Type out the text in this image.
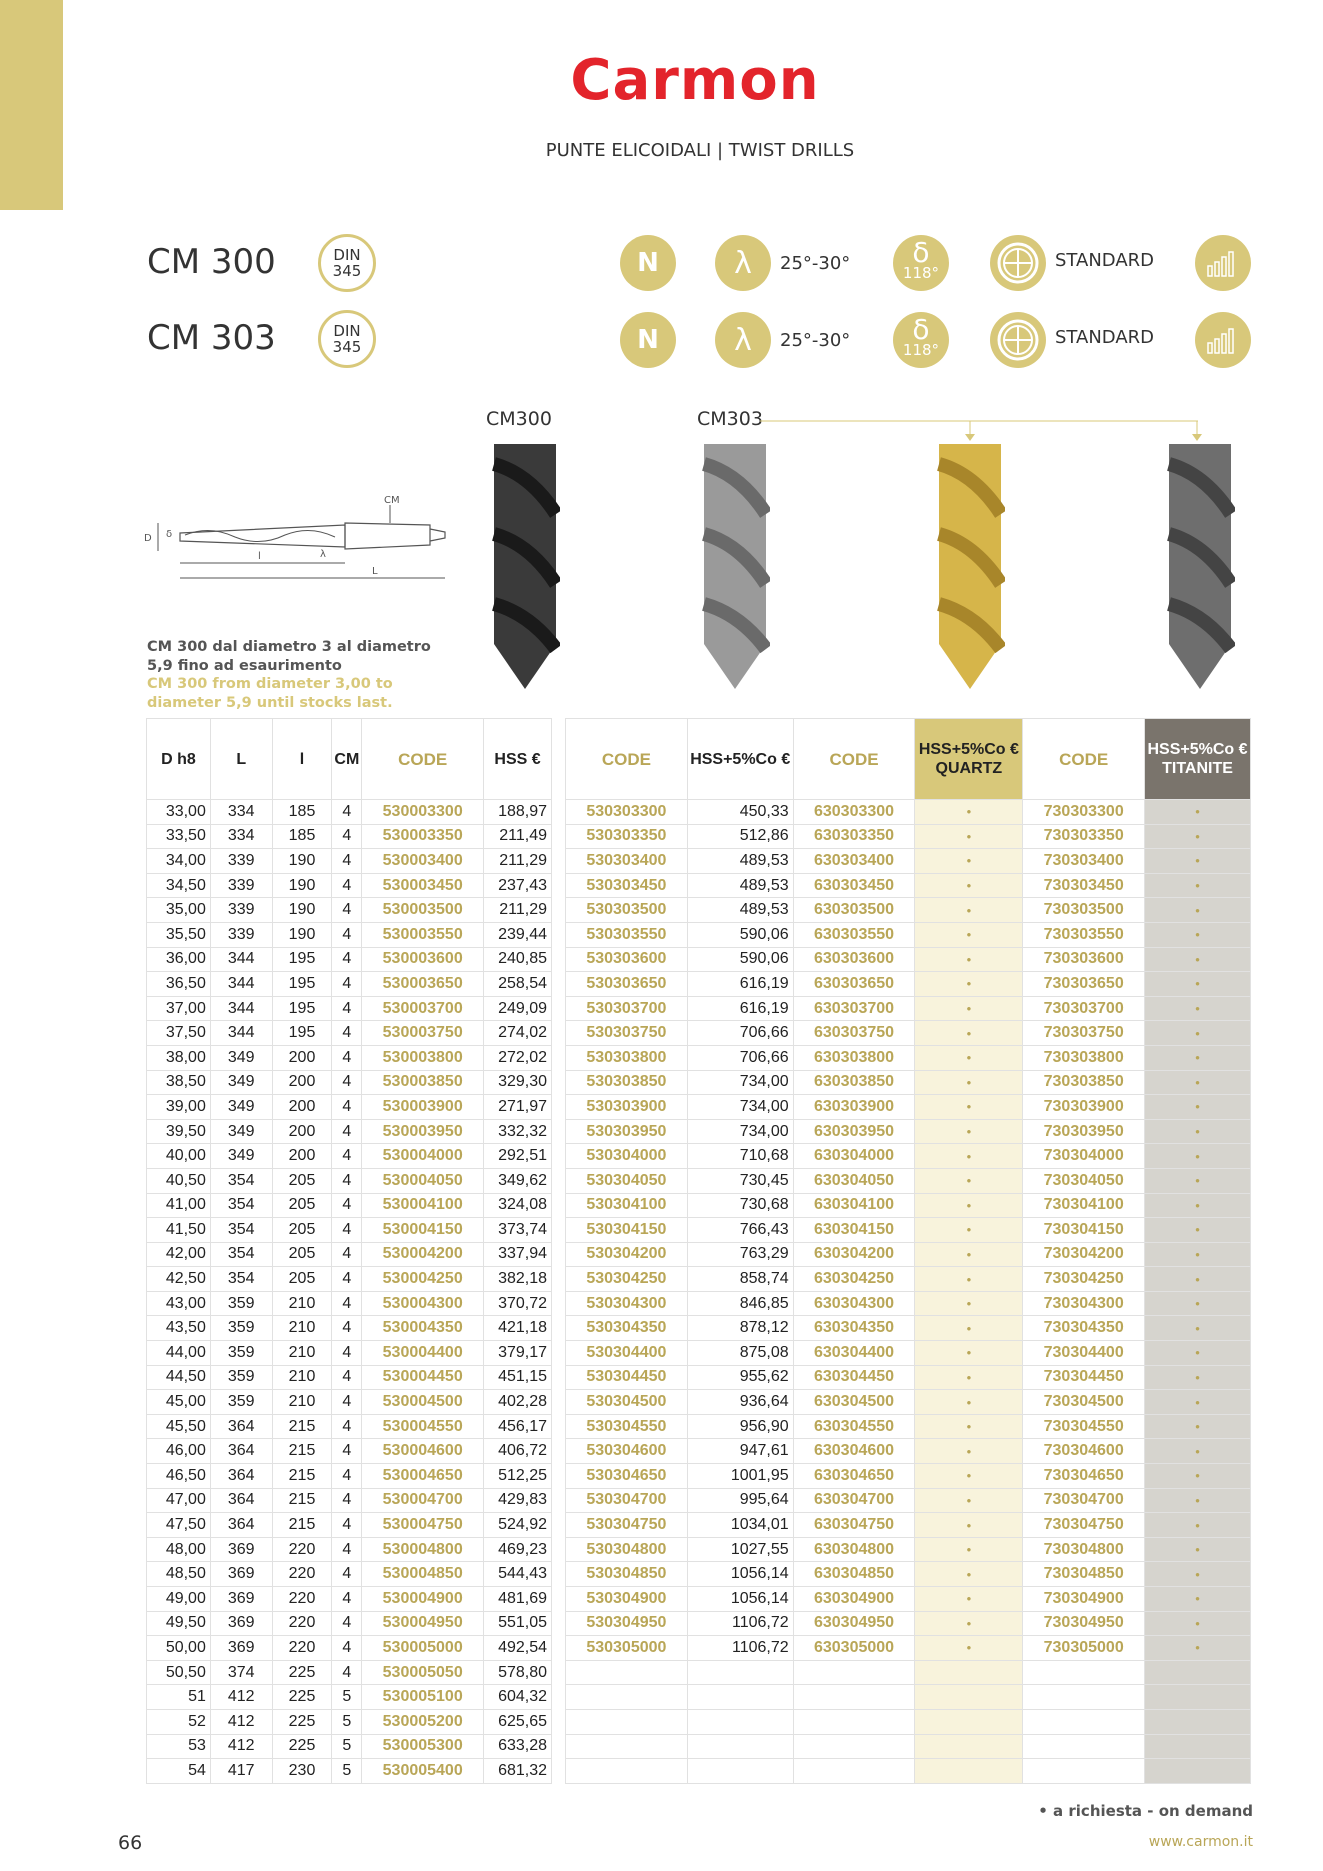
Carmon
PUNTE ELICOIDALI | TWIST DRILLS
CM 300	DIN
345
CM 303	DIN
345
N	λ	25°-30° δ
118°
STANDARD
N	λ	25°-30° δ
118°
STANDARD
CM
D δ
λ
l
L
CM300	CM303
CM 300 dal diametro 3 al diametro 5,9 fino ad esaurimento
CM 300 from diameter 3,00 to diameter 5,9 until stocks last.
D h8	L	l	CM	CODE	HSS €
33,00	334	185	4	530003300	188,97
33,50	334	185	4	530003350	211,49
34,00	339	190	4	530003400	211,29
34,50	339	190	4	530003450	237,43
35,00	339	190	4	530003500	211,29
35,50	339	190	4	530003550	239,44
36,00	344	195	4	530003600	240,85
36,50	344	195	4	530003650	258,54
37,00	344	195	4	530003700	249,09
37,50	344	195	4	530003750	274,02
38,00	349	200	4	530003800	272,02
38,50	349	200	4	530003850	329,30
39,00	349	200	4	530003900	271,97
39,50	349	200	4	530003950	332,32
40,00	349	200	4	530004000	292,51
40,50	354	205	4	530004050	349,62
41,00	354	205	4	530004100	324,08
41,50	354	205	4	530004150	373,74
42,00	354	205	4	530004200	337,94
42,50	354	205	4	530004250	382,18
43,00	359	210	4	530004300	370,72
43,50	359	210	4	530004350	421,18
44,00	359	210	4	530004400	379,17
44,50	359	210	4	530004450	451,15
45,00	359	210	4	530004500	402,28
45,50	364	215	4	530004550	456,17
46,00	364	215	4	530004600	406,72
46,50	364	215	4	530004650	512,25
47,00	364	215	4	530004700	429,83
47,50	364	215	4	530004750	524,92
48,00	369	220	4	530004800	469,23
48,50	369	220	4	530004850	544,43
49,00	369	220	4	530004900	481,69
49,50	369	220	4	530004950	551,05
50,00	369	220	4	530005000	492,54
50,50	374	225	4	530005050	578,80
51	412	225	5	530005100	604,32
52	412	225	5	530005200	625,65
53	412	225	5	530005300	633,28
54	417	230	5	530005400	681,32
CODE	HSS+5%Co €	CODE	HSS+5%Co € QUARTZ	CODE	HSS+5%Co € TITANITE
530303300	450,33	630303300	•	730303300	•
530303350	512,86	630303350	•	730303350	•
530303400	489,53	630303400	•	730303400	•
530303450	489,53	630303450	•	730303450	•
530303500	489,53	630303500	•	730303500	•
530303550	590,06	630303550	•	730303550	•
530303600	590,06	630303600	•	730303600	•
530303650	616,19	630303650	•	730303650	•
530303700	616,19	630303700	•	730303700	•
530303750	706,66	630303750	•	730303750	•
530303800	706,66	630303800	•	730303800	•
530303850	734,00	630303850	•	730303850	•
530303900	734,00	630303900	•	730303900	•
530303950	734,00	630303950	•	730303950	•
530304000	710,68	630304000	•	730304000	•
530304050	730,45	630304050	•	730304050	•
530304100	730,68	630304100	•	730304100	•
530304150	766,43	630304150	•	730304150	•
530304200	763,29	630304200	•	730304200	•
530304250	858,74	630304250	•	730304250	•
530304300	846,85	630304300	•	730304300	•
530304350	878,12	630304350	•	730304350	•
530304400	875,08	630304400	•	730304400	•
530304450	955,62	630304450	•	730304450	•
530304500	936,64	630304500	•	730304500	•
530304550	956,90	630304550	•	730304550	•
530304600	947,61	630304600	•	730304600	•
530304650	1001,95	630304650	•	730304650	•
530304700	995,64	630304700	•	730304700	•
530304750	1034,01	630304750	•	730304750	•
530304800	1027,55	630304800	•	730304800	•
530304850	1056,14	630304850	•	730304850	•
530304900	1056,14	630304900	•	730304900	•
530304950	1106,72	630304950	•	730304950	•
530305000	1106,72	630305000	•	730305000	•

• a richiesta - on demand
66	www.carmon.it
